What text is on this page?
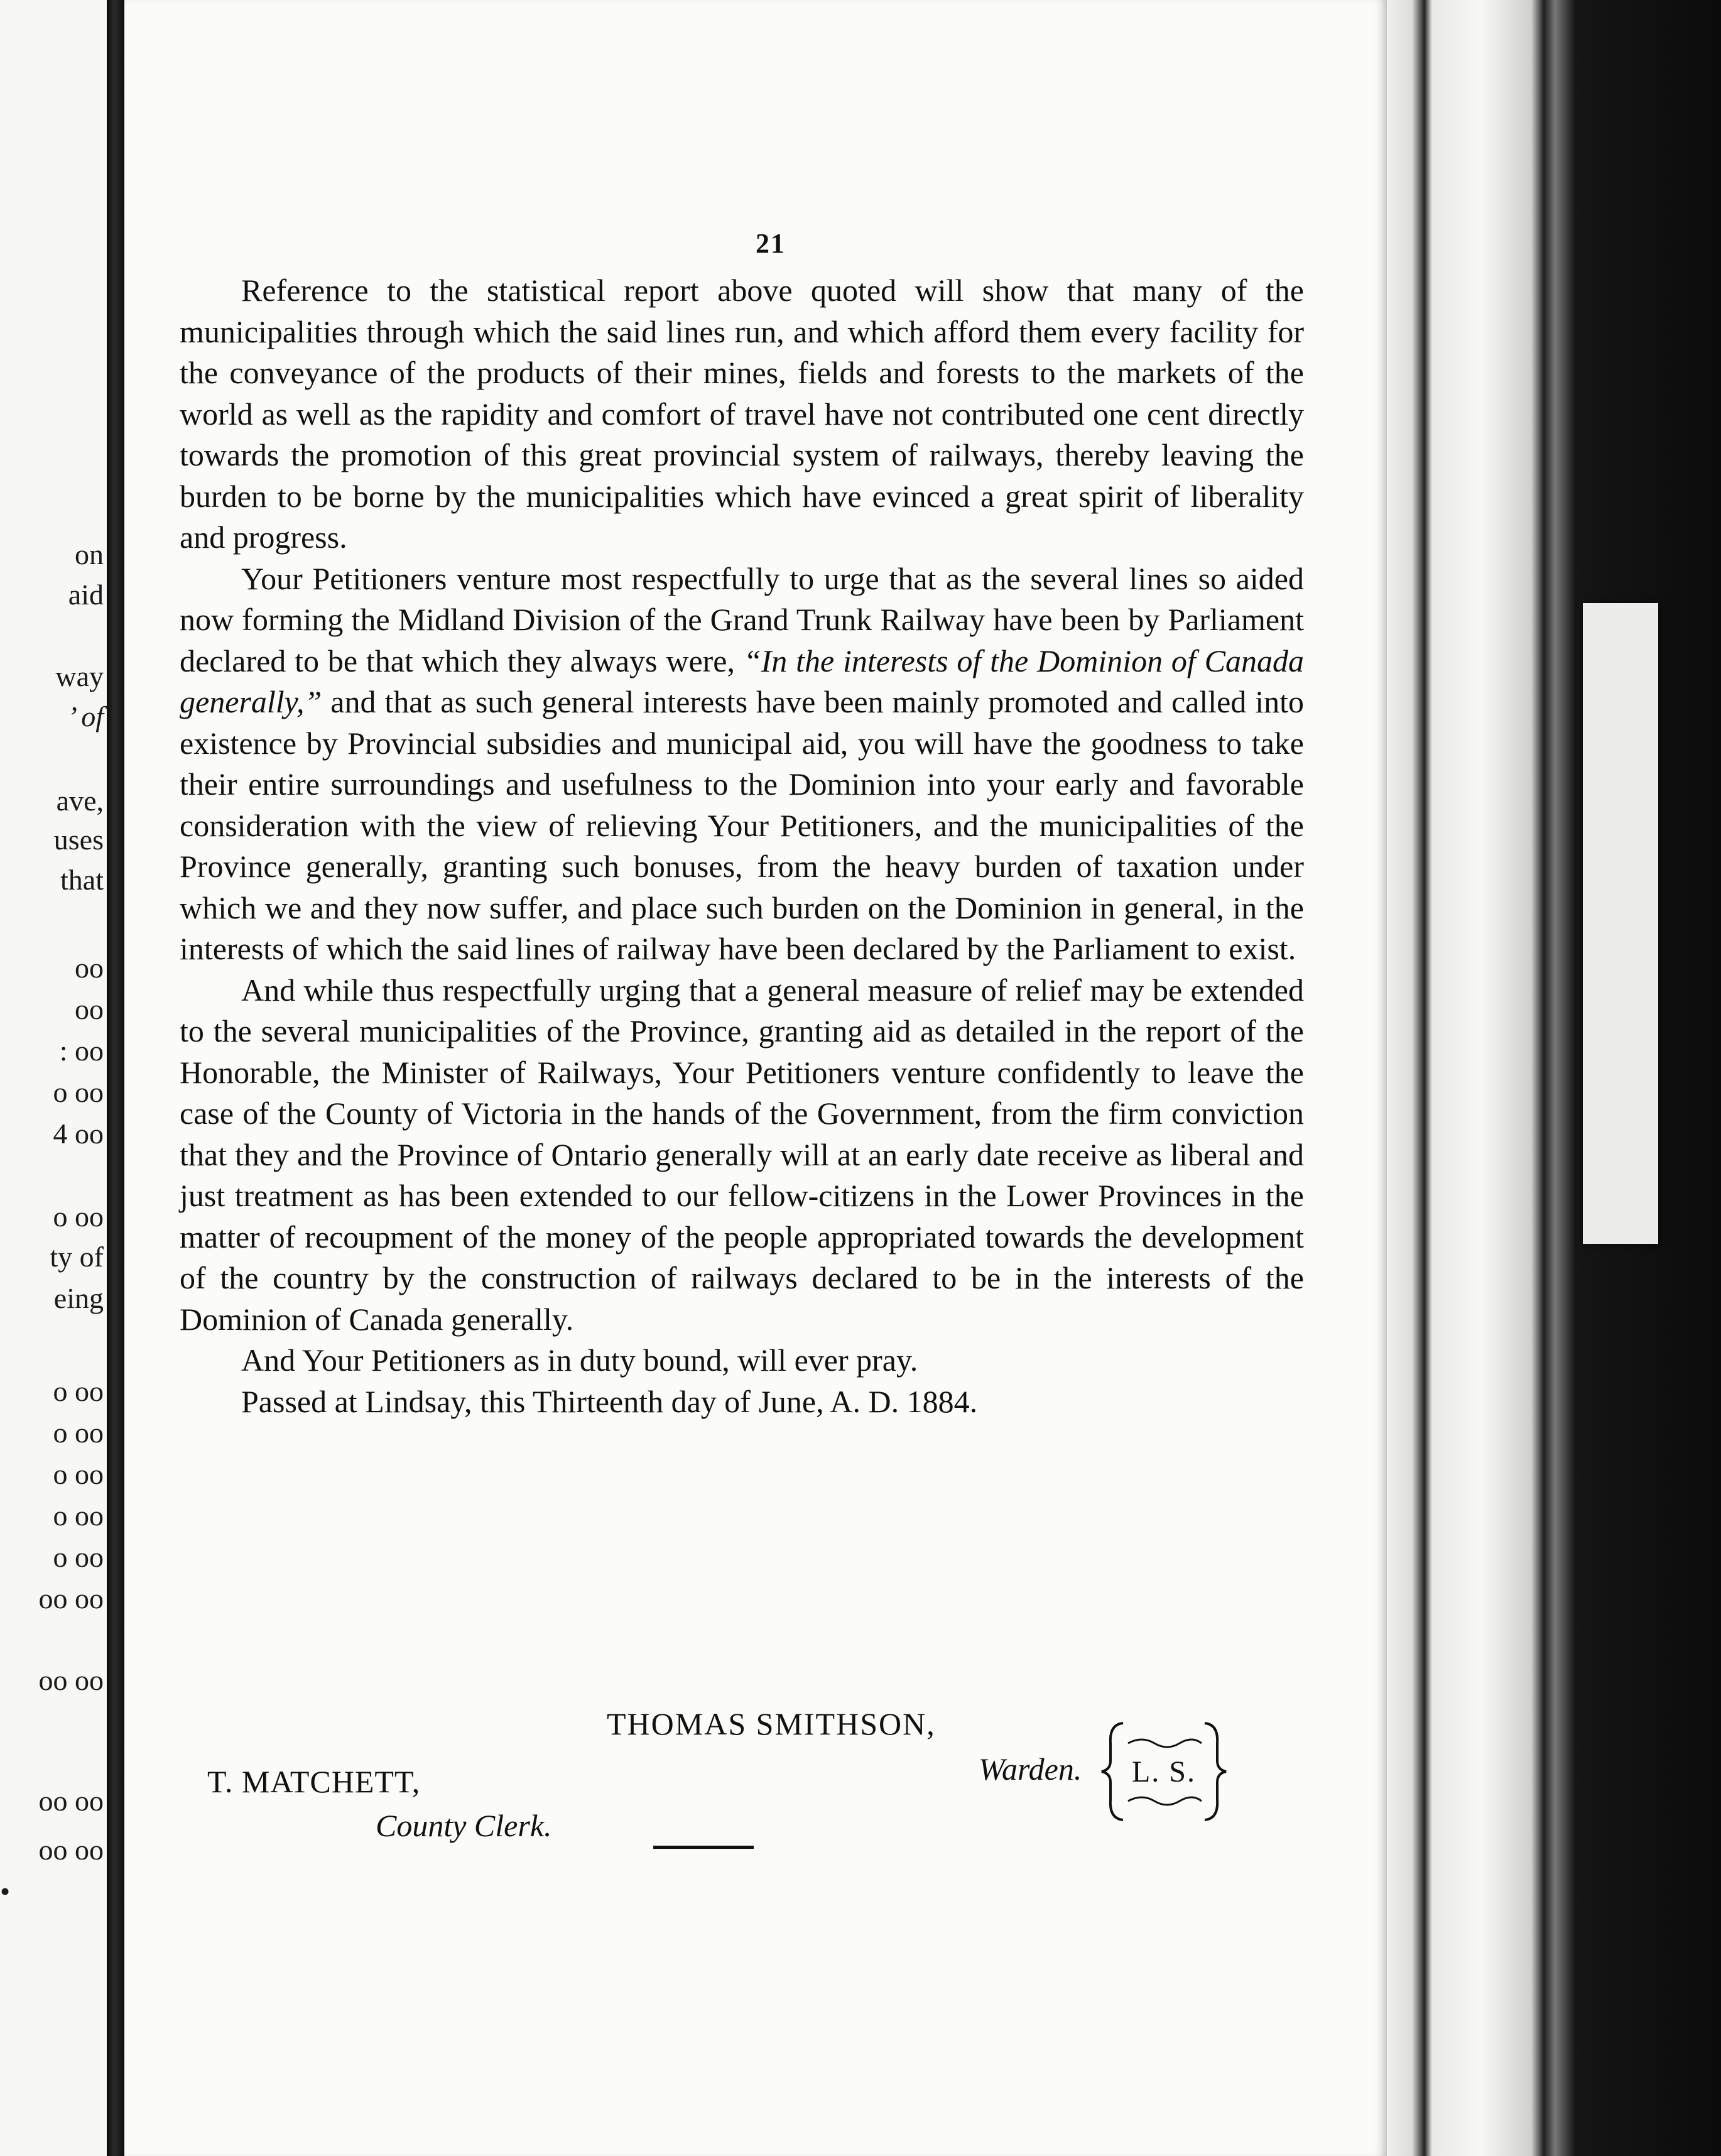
on
aid
way
’ of
ave,
uses
that
oo
oo
: oo
o oo
4 oo
o oo
ty of
eing
o oo
o oo
o oo
o oo
o oo
oo oo
oo oo
oo oo
oo oo
•
21

Reference to the statistical report above quoted will show that many of the municipalities through which the said lines run, and which afford them every facility for the conveyance of the products of their mines, fields and forests to the markets of the world as well as the rapidity and comfort of travel have not contributed one cent directly towards the promotion of this great provincial system of railways, thereby leaving the burden to be borne by the municipalities which have evinced a great spirit of liberality and progress.

Your Petitioners venture most respectfully to urge that as the several lines so aided now forming the Midland Division of the Grand Trunk Railway have been by Parliament declared to be that which they always were, “In the interests of the Dominion of Canada generally,” and that as such general interests have been mainly promoted and called into existence by Provincial subsidies and municipal aid, you will have the goodness to take their entire surroundings and usefulness to the Dominion into your early and favorable consideration with the view of relieving Your Petitioners, and the municipalities of the Province generally, granting such bonuses, from the heavy burden of taxation under which we and they now suffer, and place such burden on the Dominion in general, in the interests of which the said lines of railway have been declared by the Parliament to exist.

And while thus respectfully urging that a general measure of relief may be extended to the several municipalities of the Province, granting aid as detailed in the report of the Honorable, the Minister of Railways, Your Petitioners venture confidently to leave the case of the County of Victoria in the hands of the Government, from the firm conviction that they and the Province of Ontario generally will at an early date receive as liberal and just treatment as has been extended to our fellow-citizens in the Lower Provinces in the matter of recoupment of the money of the people appropriated towards the development of the country by the construction of railways declared to be in the interests of the Dominion of Canada generally.

And Your Petitioners as in duty bound, will ever pray.

Passed at Lindsay, this Thirteenth day of June, A. D. 1884.

THOMAS SMITHSON,
Warden.	L. S.
T. MATCHETT,
County Clerk.
